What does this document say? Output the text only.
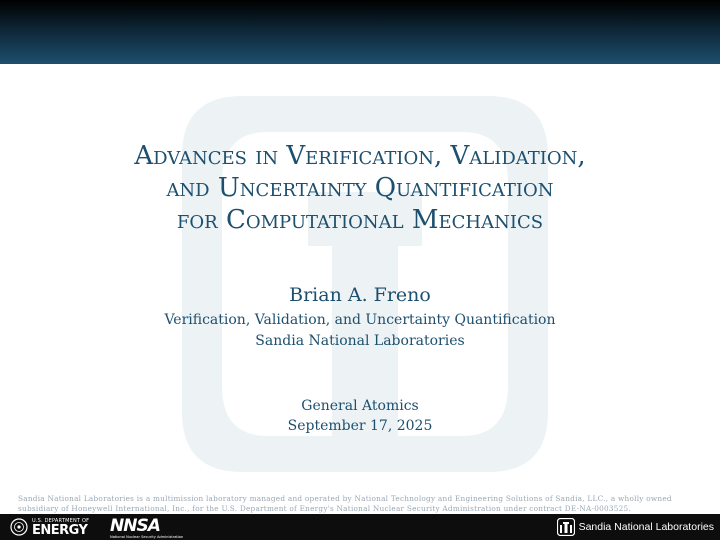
Advances in Verification, Validation,
and Uncertainty Quantification
for Computational Mechanics
Brian A. Freno
Verification, Validation, and Uncertainty Quantification
Sandia National Laboratories
General Atomics
September 17, 2025
Sandia National Laboratories is a multimission laboratory managed and operated by National Technology and Engineering Solutions of Sandia, LLC., a wholly owned subsidiary of Honeywell International, Inc., for the U.S. Department of Energy's National Nuclear Security Administration under contract DE-NA-0003525.
U.S. DEPARTMENT OF
ENERGY NNSA
National Nuclear Security Administration
Sandia National Laboratories
